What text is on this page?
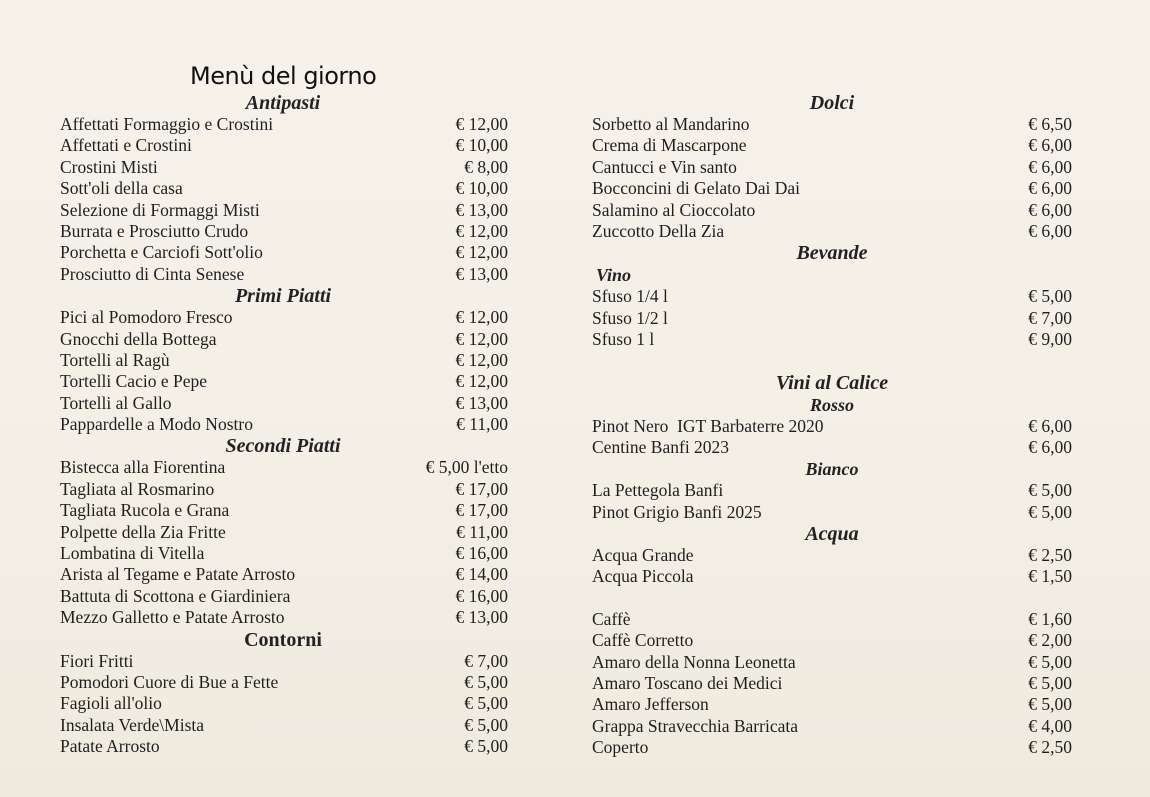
Menù del giorno
Antipasti
Affettati Formaggio e Crostini	€ 12,00
Affettati e Crostini	€ 10,00
Crostini Misti	€ 8,00
Sott'oli della casa	€ 10,00
Selezione di Formaggi Misti	€ 13,00
Burrata e Prosciutto Crudo	€ 12,00
Porchetta e Carciofi Sott'olio	€ 12,00
Prosciutto di Cinta Senese	€ 13,00
Primi Piatti
Pici al Pomodoro Fresco	€ 12,00
Gnocchi della Bottega	€ 12,00
Tortelli al Ragù	€ 12,00
Tortelli Cacio e Pepe	€ 12,00
Tortelli al Gallo	€ 13,00
Pappardelle a Modo Nostro	€ 11,00
Secondi Piatti
Bistecca alla Fiorentina	€ 5,00 l'etto
Tagliata al Rosmarino	€ 17,00
Tagliata Rucola e Grana	€ 17,00
Polpette della Zia Fritte	€ 11,00
Lombatina di Vitella	€ 16,00
Arista al Tegame e Patate Arrosto	€ 14,00
Battuta di Scottona e Giardiniera	€ 16,00
Mezzo Galletto e Patate Arrosto	€ 13,00
Contorni
Fiori Fritti	€ 7,00
Pomodori Cuore di Bue a Fette	€ 5,00
Fagioli all'olio	€ 5,00
Insalata Verde\Mista	€ 5,00
Patate Arrosto	€ 5,00
Dolci
Sorbetto al Mandarino	€ 6,50
Crema di Mascarpone	€ 6,00
Cantucci e Vin santo	€ 6,00
Bocconcini di Gelato Dai Dai	€ 6,00
Salamino al Cioccolato	€ 6,00
Zuccotto Della Zia	€ 6,00
Bevande
Vino
Sfuso 1/4 l	€ 5,00
Sfuso 1/2 l	€ 7,00
Sfuso 1 l	€ 9,00
Vini al Calice
Rosso
Pinot Nero  IGT Barbaterre 2020	€ 6,00
Centine Banfi 2023	€ 6,00
Bianco
La Pettegola Banfi	€ 5,00
Pinot Grigio Banfi 2025	€ 5,00
Acqua
Acqua Grande	€ 2,50
Acqua Piccola	€ 1,50
Caffè	€ 1,60
Caffè Corretto	€ 2,00
Amaro della Nonna Leonetta	€ 5,00
Amaro Toscano dei Medici	€ 5,00
Amaro Jefferson	€ 5,00
Grappa Stravecchia Barricata	€ 4,00
Coperto	€ 2,50
